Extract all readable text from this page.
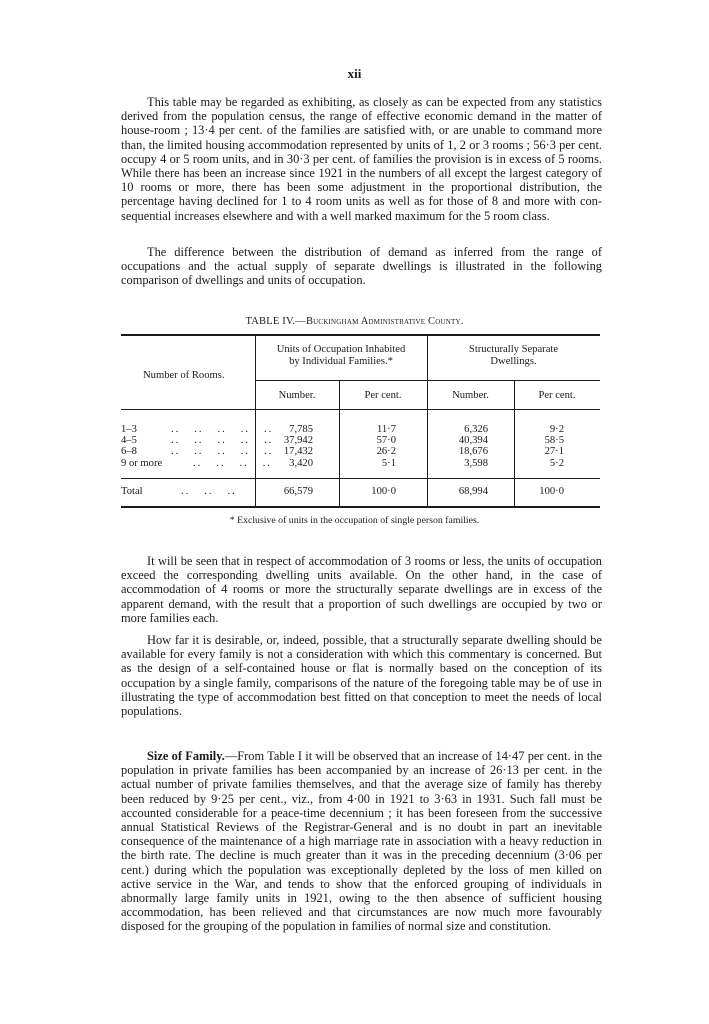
xii

This table may be regarded as exhibiting, as closely as can be expected from any statistics derived from the population census, the range of effective economic demand in the matter of house-room ; 13·4 per cent. of the families are satisfied with, or are unable to command more than, the limited housing accommodation represented by units of 1, 2 or 3 rooms ; 56·3 per cent. occupy 4 or 5 room units, and in 30·3 per cent. of families the provision is in excess of 5 rooms. While there has been an increase since 1921 in the numbers of all except the largest category of 10 rooms or more, there has been some adjustment in the proportional distribution, the percentage having declined for 1 to 4 room units as well as for those of 8 and more with con-sequential increases elsewhere and with a well marked maximum for the 5 room class.

The difference between the distribution of demand as inferred from the range of occupations and the actual supply of separate dwellings is illustrated in the following comparison of dwellings and units of occupation.

TABLE IV.—Buckingham Administrative County.
Number of Rooms.
Units of Occupation Inhabited
by Individual Families.*
Structurally Separate
Dwellings.
Number.	Per cent.	Number.	Per cent.
1–3	..   ..   ..   ..   ..	7,785	11·7	6,326	9·2
4–5	..   ..   ..   ..   .. 37,942	57·0	40,394	58·5
6–8	..   ..   ..   ..   .. 17,432	26·2	18,676	27·1
9 or more	..   ..   ..   ..	3,420	5·1	3,598	5·2
Total	..   ..   ..	66,579	100·0	68,994	100·0
* Exclusive of units in the occupation of single person families.

It will be seen that in respect of accommodation of 3 rooms or less, the units of occupation exceed the corresponding dwelling units available. On the other hand, in the case of accommodation of 4 rooms or more the structurally separate dwellings are in excess of the apparent demand, with the result that a proportion of such dwellings are occupied by two or more families each.

How far it is desirable, or, indeed, possible, that a structurally separate dwelling should be available for every family is not a consideration with which this commentary is concerned. But as the design of a self-contained house or flat is normally based on the conception of its occupation by a single family, comparisons of the nature of the foregoing table may be of use in illustrating the type of accommodation best fitted on that conception to meet the needs of local populations.

Size of Family.—From Table I it will be observed that an increase of 14·47 per cent. in the population in private families has been accompanied by an increase of 26·13 per cent. in the actual number of private families themselves, and that the average size of family has thereby been reduced by 9·25 per cent., viz., from 4·00 in 1921 to 3·63 in 1931. Such fall must be accounted considerable for a peace-time decennium ; it has been foreseen from the successive annual Statistical Reviews of the Registrar-General and is no doubt in part an inevitable consequence of the maintenance of a high marriage rate in association with a heavy reduction in the birth rate. The decline is much greater than it was in the preceding decennium (3·06 per cent.) during which the population was exceptionally depleted by the loss of men killed on active service in the War, and tends to show that the enforced grouping of individuals in abnormally large family units in 1921, owing to the then absence of sufficient housing accommodation, has been relieved and that circumstances are now much more favourably disposed for the grouping of the population in families of normal size and constitution.
